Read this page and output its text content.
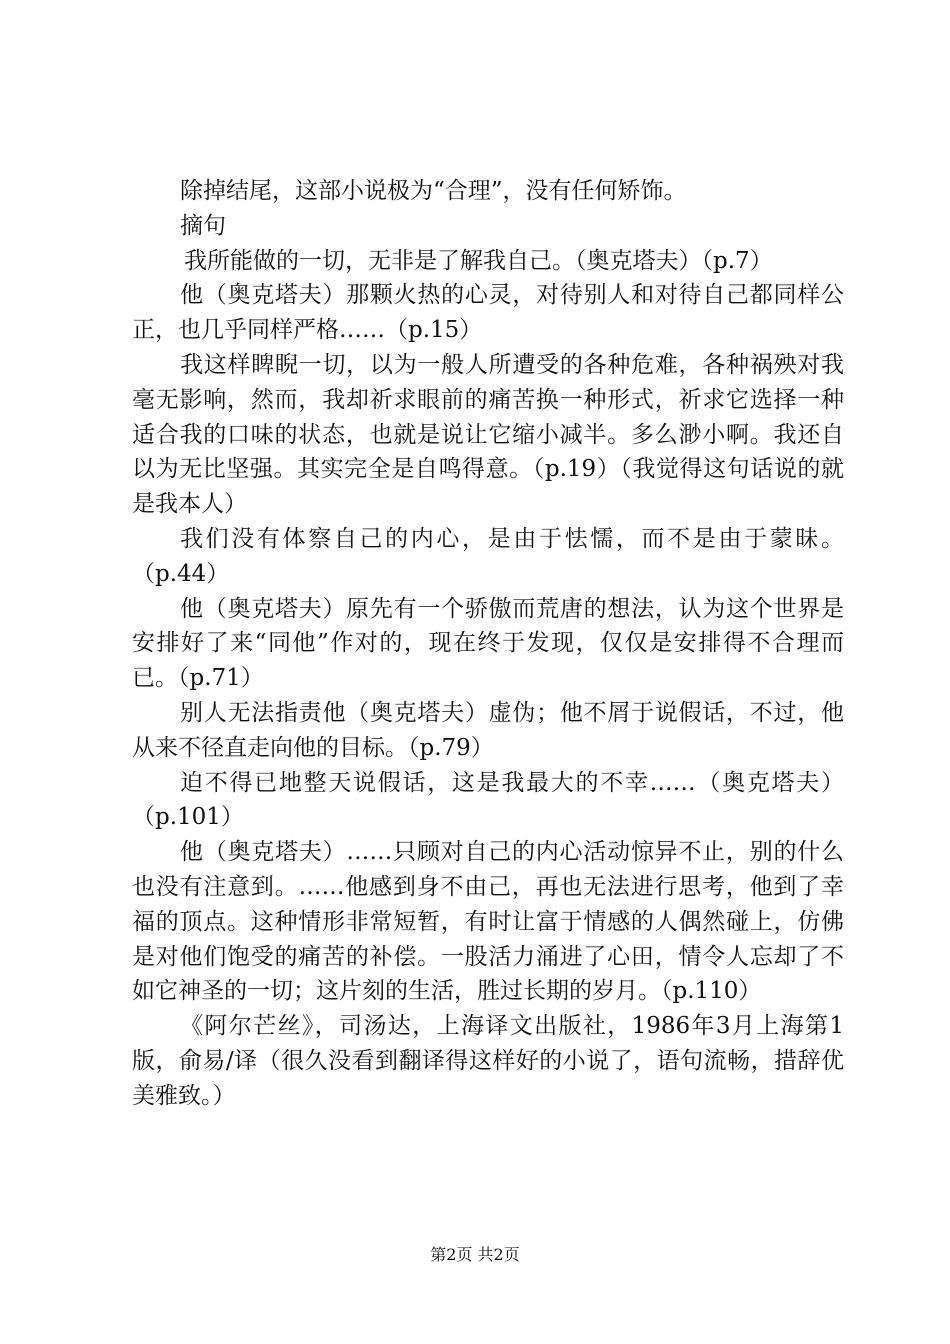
除掉结尾，这部小说极为“合理”，没有任何矫饰。

摘句

我所能做的一切，无非是了解我自己。（奥克塔夫）（p.7）

他（奥克塔夫）那颗火热的心灵，对待别人和对待自己都同样公正，也几乎同样严格……（p.15）

我这样睥睨一切，以为一般人所遭受的各种危难，各种祸殃对我毫无影响，然而，我却祈求眼前的痛苦换一种形式，祈求它选择一种适合我的口味的状态，也就是说让它缩小减半。多么渺小啊。我还自以为无比坚强。其实完全是自鸣得意。（p.19）（我觉得这句话说的就是我本人）

我们没有体察自己的内心，是由于怯懦，而不是由于蒙昧。（p.44）

他（奥克塔夫）原先有一个骄傲而荒唐的想法，认为这个世界是安排好了来“同他”作对的，现在终于发现，仅仅是安排得不合理而已。（p.71）

别人无法指责他（奥克塔夫）虚伪；他不屑于说假话，不过，他从来不径直走向他的目标。（p.79）

迫不得已地整天说假话，这是我最大的不幸……（奥克塔夫）（p.101）

他（奥克塔夫）……只顾对自己的内心活动惊异不止，别的什么也没有注意到。……他感到身不由己，再也无法进行思考，他到了幸福的顶点。这种情形非常短暂，有时让富于情感的人偶然碰上，仿佛是对他们饱受的痛苦的补偿。一股活力涌进了心田，情令人忘却了不如它神圣的一切；这片刻的生活，胜过长期的岁月。（p.110）

《阿尔芒丝》，司汤达，上海译文出版社，1986年3月上海第1版，俞易/译（很久没看到翻译得这样好的小说了，语句流畅，措辞优美雅致。）

第2页 共2页
